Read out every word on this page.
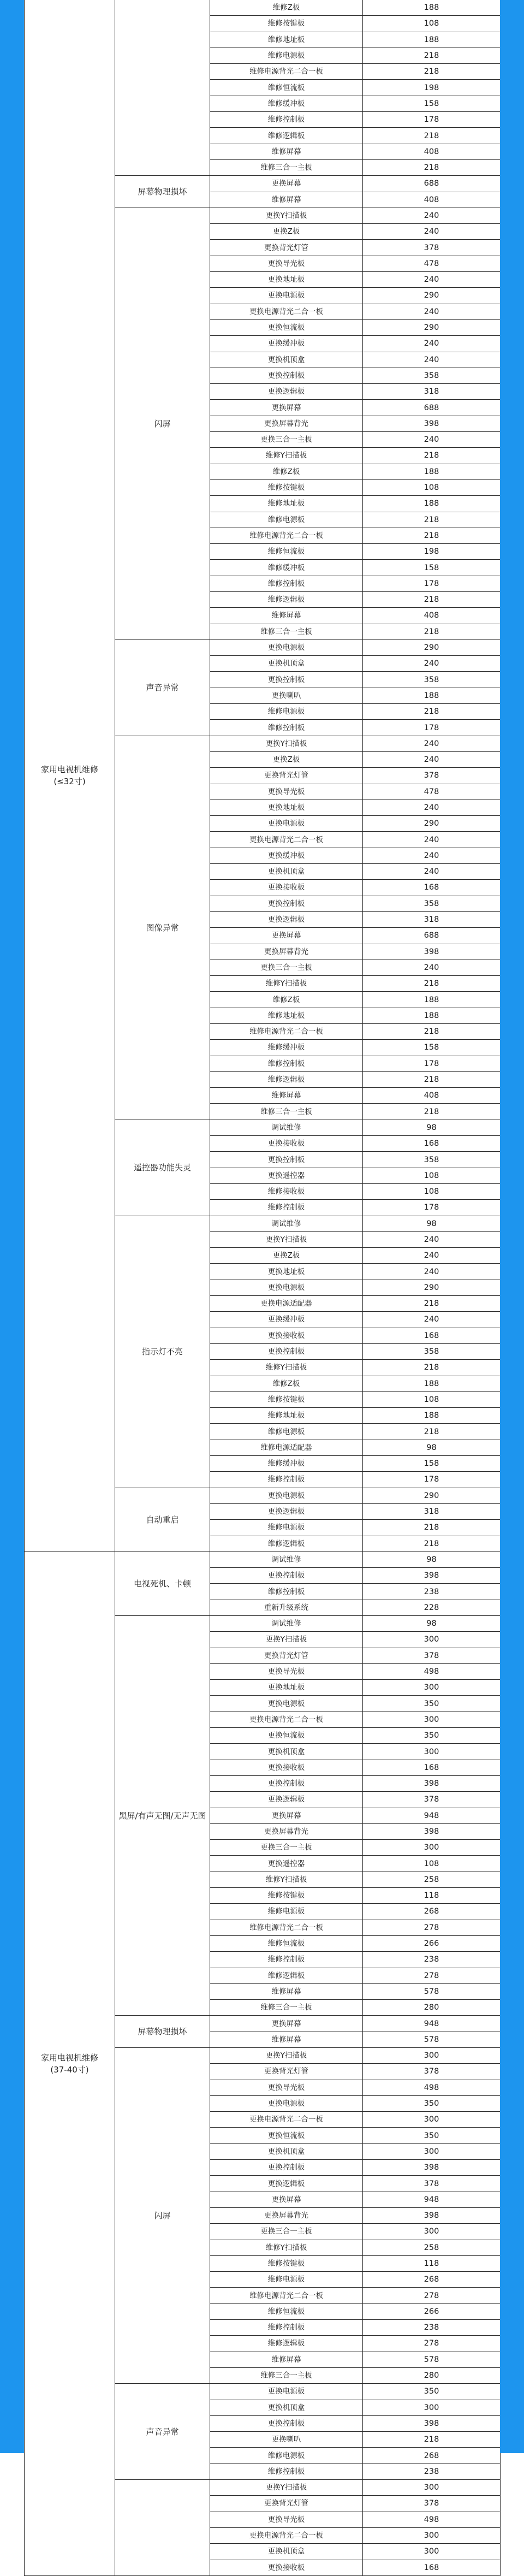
家用电视机维修
(≤32寸)		维修Z板	188
		维修按键板	108
		维修地址板	188
		维修电源板	218
		维修电源背光二合一板	218
		维修恒流板	198
		维修缓冲板	158
		维修控制板	178
		维修逻辑板	218
		维修屏幕	408
		维修三合一主板	218
	屏幕物理损坏	更换屏幕	688
		维修屏幕	408
	闪屏	更换Y扫描板	240
		更换Z板	240
		更换背光灯管	378
		更换导光板	478
		更换地址板	240
		更换电源板	290
		更换电源背光二合一板	240
		更换恒流板	290
		更换缓冲板	240
		更换机顶盒	240
		更换控制板	358
		更换逻辑板	318
		更换屏幕	688
		更换屏幕背光	398
		更换三合一主板	240
		维修Y扫描板	218
		维修Z板	188
		维修按键板	108
		维修地址板	188
		维修电源板	218
		维修电源背光二合一板	218
		维修恒流板	198
		维修缓冲板	158
		维修控制板	178
		维修逻辑板	218
		维修屏幕	408
		维修三合一主板	218
	声音异常	更换电源板	290
		更换机顶盒	240
		更换控制板	358
		更换喇叭	188
		维修电源板	218
		维修控制板	178
	图像异常	更换Y扫描板	240
		更换Z板	240
		更换背光灯管	378
		更换导光板	478
		更换地址板	240
		更换电源板	290
		更换电源背光二合一板	240
		更换缓冲板	240
		更换机顶盒	240
		更换接收板	168
		更换控制板	358
		更换逻辑板	318
		更换屏幕	688
		更换屏幕背光	398
		更换三合一主板	240
		维修Y扫描板	218
		维修Z板	188
		维修地址板	188
		维修电源背光二合一板	218
		维修缓冲板	158
		维修控制板	178
		维修逻辑板	218
		维修屏幕	408
		维修三合一主板	218
	遥控器功能失灵	调试维修	98
		更换接收板	168
		更换控制板	358
		更换遥控器	108
		维修接收板	108
		维修控制板	178
	指示灯不亮	调试维修	98
		更换Y扫描板	240
		更换Z板	240
		更换地址板	240
		更换电源板	290
		更换电源适配器	218
		更换缓冲板	240
		更换接收板	168
		更换控制板	358
		维修Y扫描板	218
		维修Z板	188
		维修按键板	108
		维修地址板	188
		维修电源板	218
		维修电源适配器	98
		维修缓冲板	158
		维修控制板	178
	自动重启	更换电源板	290
		更换逻辑板	318
		维修电源板	218
		维修逻辑板	218
家用电视机维修
(37-40寸)	电视死机、卡顿	调试维修	98
		更换控制板	398
		维修控制板	238
		重新升级系统	228
	黑屏/有声无图/无声无图	调试维修	98
		更换Y扫描板	300
		更换背光灯管	378
		更换导光板	498
		更换地址板	300
		更换电源板	350
		更换电源背光二合一板	300
		更换恒流板	350
		更换机顶盒	300
		更换接收板	168
		更换控制板	398
		更换逻辑板	378
		更换屏幕	948
		更换屏幕背光	398
		更换三合一主板	300
		更换遥控器	108
		维修Y扫描板	258
		维修按键板	118
		维修电源板	268
		维修电源背光二合一板	278
		维修恒流板	266
		维修控制板	238
		维修逻辑板	278
		维修屏幕	578
		维修三合一主板	280
	屏幕物理损坏	更换屏幕	948
		维修屏幕	578
	闪屏	更换Y扫描板	300
		更换背光灯管	378
		更换导光板	498
		更换电源板	350
		更换电源背光二合一板	300
		更换恒流板	350
		更换机顶盒	300
		更换控制板	398
		更换逻辑板	378
		更换屏幕	948
		更换屏幕背光	398
		更换三合一主板	300
		维修Y扫描板	258
		维修按键板	118
		维修电源板	268
		维修电源背光二合一板	278
		维修恒流板	266
		维修控制板	238
		维修逻辑板	278
		维修屏幕	578
		维修三合一主板	280
	声音异常	更换电源板	350
		更换机顶盒	300
		更换控制板	398
		更换喇叭	218
		维修电源板	268
		维修控制板	238
		更换Y扫描板	300
		更换背光灯管	378
		更换导光板	498
		更换电源背光二合一板	300
		更换机顶盒	300
		更换接收板	168
